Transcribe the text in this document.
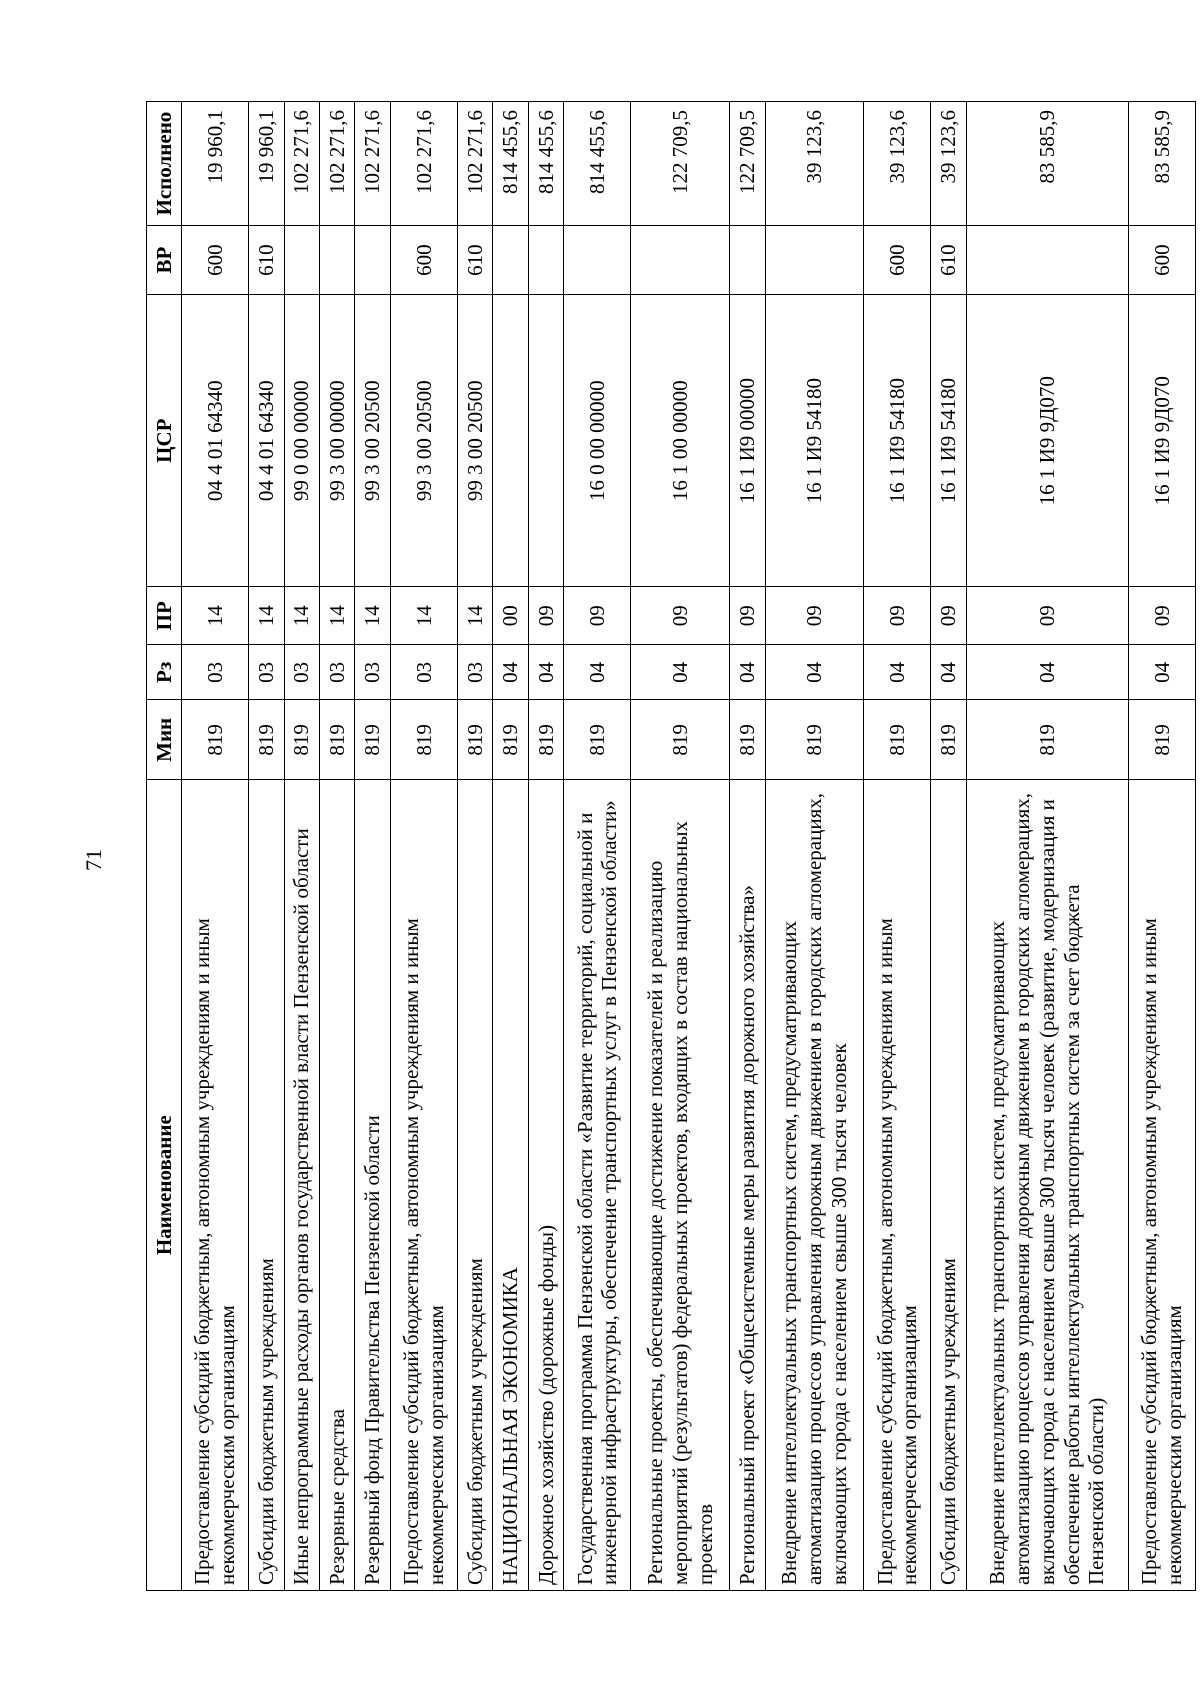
71
Наименование	Мин	Рз	ПР	ЦСР	ВР	Исполнено
Предоставление субсидий бюджетным, автономным учреждениям и иным некоммерческим организациям	819	03	14	04 4 01 64340	600	19 960,1
Субсидии бюджетным учреждениям	819	03	14	04 4 01 64340	610	19 960,1
Иные непрограммные расходы органов государственной власти Пензенской области	819	03	14	99 0 00 00000		102 271,6
Резервные средства	819	03	14	99 3 00 00000		102 271,6
Резервный фонд Правительства Пензенской области	819	03	14	99 3 00 20500		102 271,6
Предоставление субсидий бюджетным, автономным учреждениям и иным некоммерческим организациям	819	03	14	99 3 00 20500	600	102 271,6
Субсидии бюджетным учреждениям	819	03	14	99 3 00 20500	610	102 271,6
НАЦИОНАЛЬНАЯ ЭКОНОМИКА	819	04	00			814 455,6
Дорожное хозяйство (дорожные фонды)	819	04	09			814 455,6
Государственная программа Пензенской области «Развитие территорий, социальной и инженерной инфраструктуры, обеспечение транспортных услуг в Пензенской области»	819	04	09	16 0 00 00000		814 455,6
Региональные проекты, обеспечивающие достижение показателей и реализацию мероприятий (результатов) федеральных проектов, входящих в состав национальных проектов	819	04	09	16 1 00 00000		122 709,5
Региональный проект «Общесистемные меры развития дорожного хозяйства»	819	04	09	16 1 И9 00000		122 709,5
Внедрение интеллектуальных транспортных систем, предусматривающих автоматизацию процессов управления дорожным движением в городских агломерациях, включающих города с населением свыше 300 тысяч человек	819	04	09	16 1 И9 54180		39 123,6
Предоставление субсидий бюджетным, автономным учреждениям и иным некоммерческим организациям	819	04	09	16 1 И9 54180	600	39 123,6
Субсидии бюджетным учреждениям	819	04	09	16 1 И9 54180	610	39 123,6
Внедрение интеллектуальных транспортных систем, предусматривающих автоматизацию процессов управления дорожным движением в городских агломерациях, включающих города с населением свыше 300 тысяч человек (развитие, модернизация и обеспечение работы интеллектуальных транспортных систем за счет бюджета Пензенской области)	819	04	09	16 1 И9 9Д070		83 585,9
Предоставление субсидий бюджетным, автономным учреждениям и иным некоммерческим организациям	819	04	09	16 1 И9 9Д070	600	83 585,9
